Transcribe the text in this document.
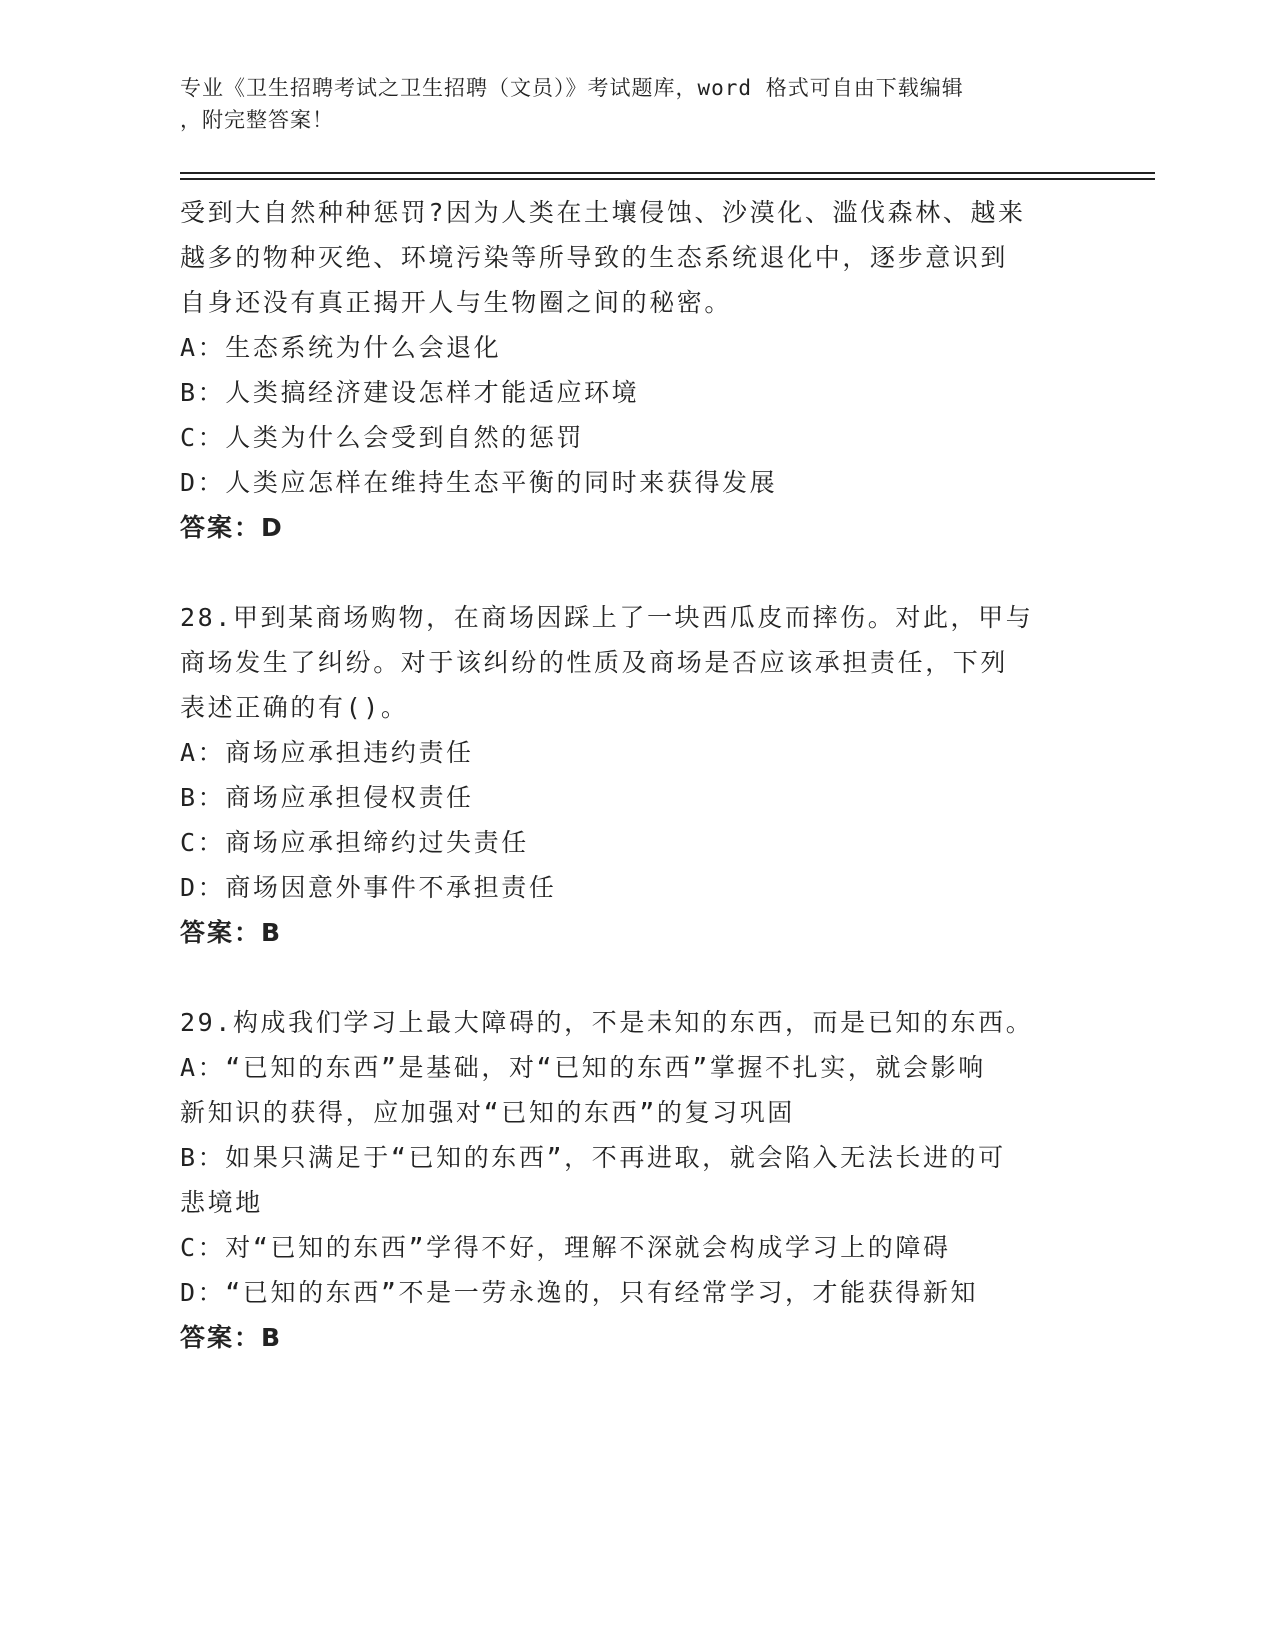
专业《卫生招聘考试之卫生招聘（文员）》考试题库，word 格式可自由下载编辑
，附完整答案！
受到大自然种种惩罚?因为人类在土壤侵蚀、沙漠化、滥伐森林、越来
越多的物种灭绝、环境污染等所导致的生态系统退化中，逐步意识到
自身还没有真正揭开人与生物圈之间的秘密。
A：生态系统为什么会退化
B：人类搞经济建设怎样才能适应环境
C：人类为什么会受到自然的惩罚
D：人类应怎样在维持生态平衡的同时来获得发展
答案：D
28.甲到某商场购物，在商场因踩上了一块西瓜皮而摔伤。对此，甲与
商场发生了纠纷。对于该纠纷的性质及商场是否应该承担责任，下列
表述正确的有()。
A：商场应承担违约责任
B：商场应承担侵权责任
C：商场应承担缔约过失责任
D：商场因意外事件不承担责任
答案：B
29.构成我们学习上最大障碍的，不是未知的东西，而是已知的东西。
A：“已知的东西”是基础，对“已知的东西”掌握不扎实，就会影响
新知识的获得，应加强对“已知的东西”的复习巩固
B：如果只满足于“已知的东西”，不再进取，就会陷入无法长进的可
悲境地
C：对“已知的东西”学得不好，理解不深就会构成学习上的障碍
D：“已知的东西”不是一劳永逸的，只有经常学习，才能获得新知
答案：B
